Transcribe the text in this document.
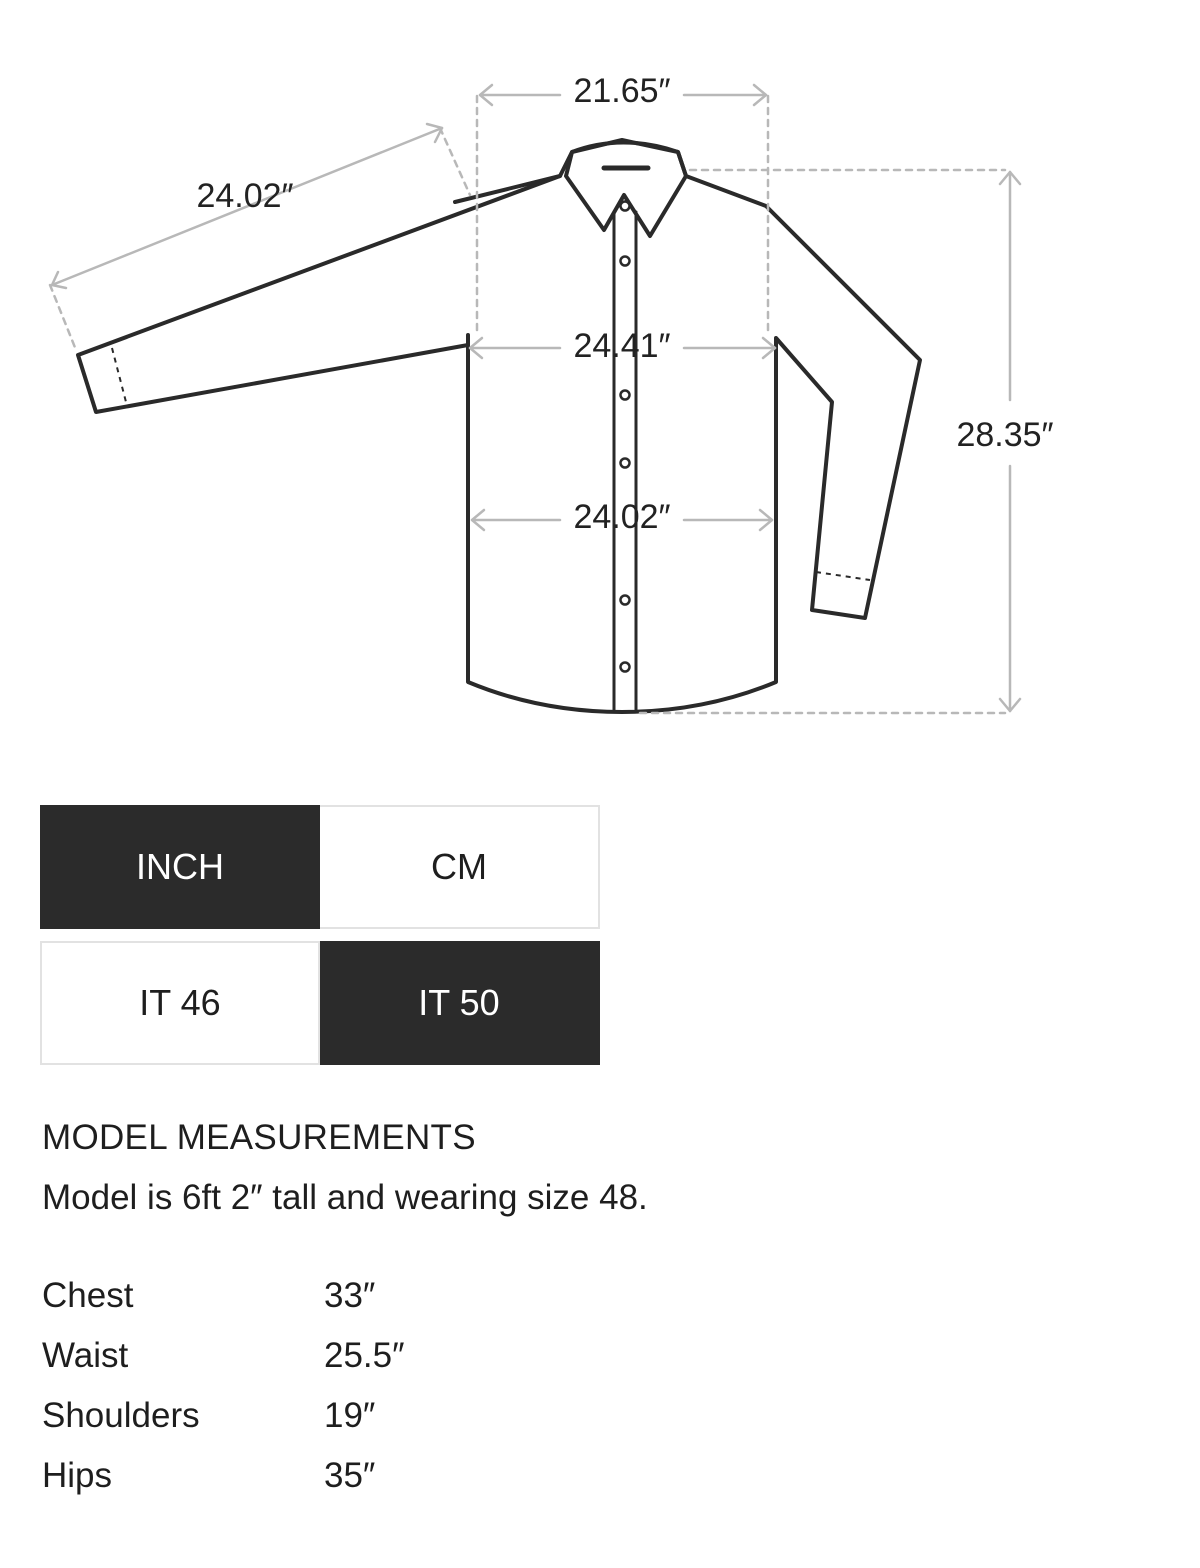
21.65″
24.02″
24.41″
24.02″
28.35″
INCH	CM
IT 46	IT 50
MODEL MEASUREMENTS
Model is 6ft 2″ tall and wearing size 48.
Chest	33″
Waist	25.5″
Shoulders	19″
Hips	35″
